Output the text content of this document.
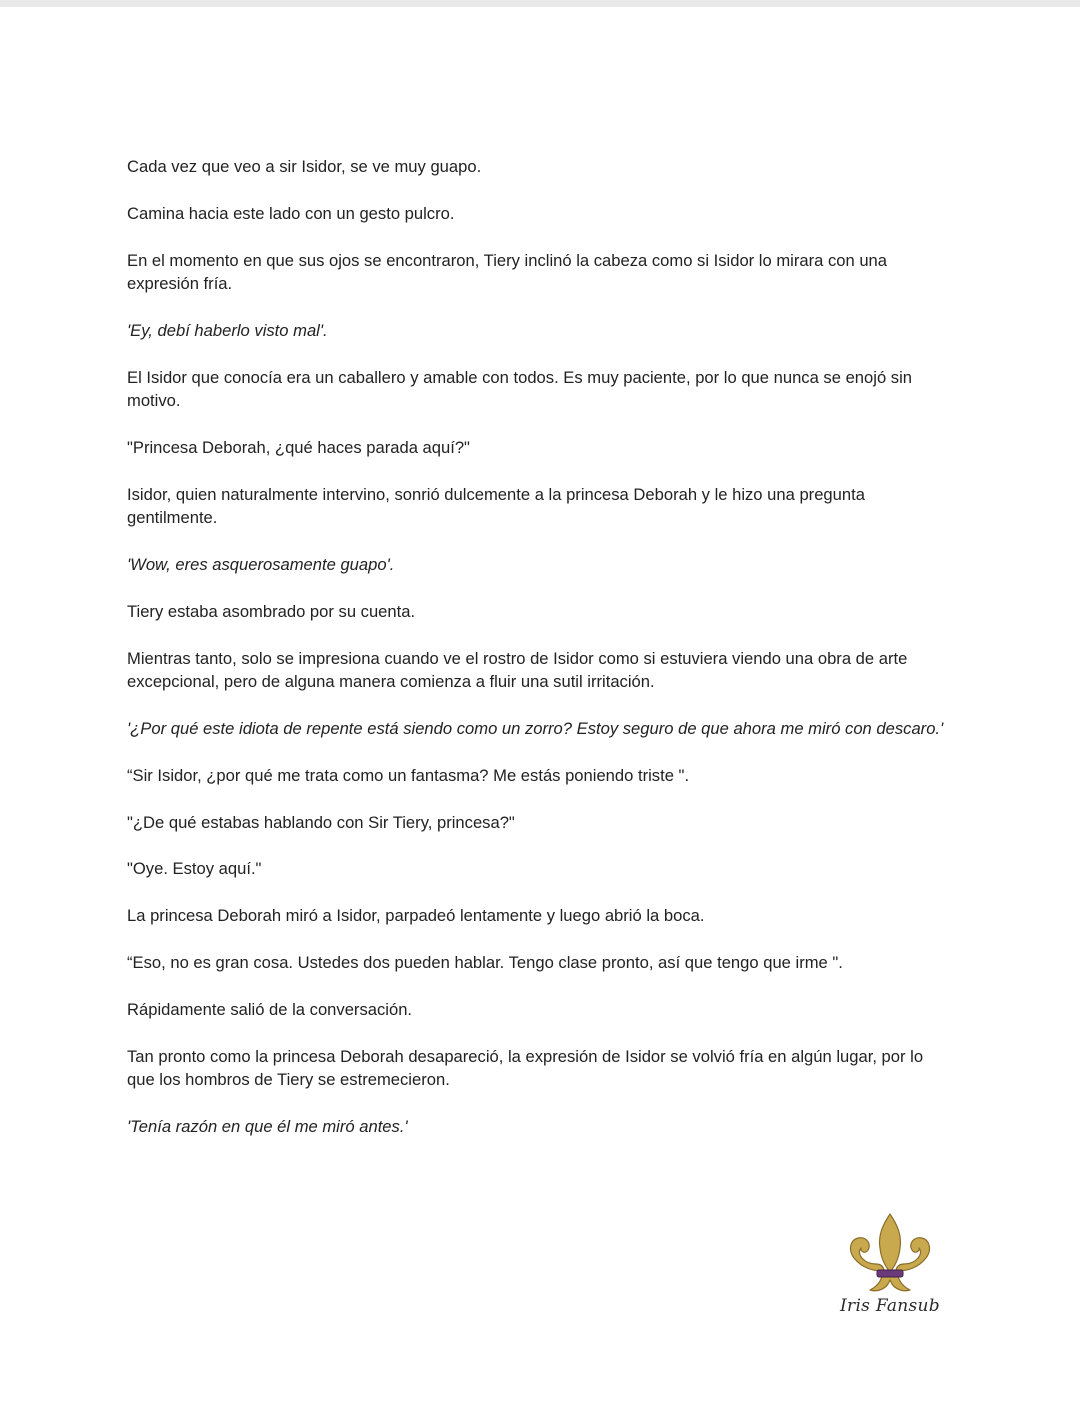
Cada vez que veo a sir Isidor, se ve muy guapo.

Camina hacia este lado con un gesto pulcro.

En el momento en que sus ojos se encontraron, Tiery inclinó la cabeza como si Isidor lo mirara con una expresión fría.

'Ey, debí haberlo visto mal'.

El Isidor que conocía era un caballero y amable con todos. Es muy paciente, por lo que nunca se enojó sin motivo.

"Princesa Deborah, ¿qué haces parada aquí?"

Isidor, quien naturalmente intervino, sonrió dulcemente a la princesa Deborah y le hizo una pregunta gentilmente.

'Wow, eres asquerosamente guapo'.

Tiery estaba asombrado por su cuenta.

Mientras tanto, solo se impresiona cuando ve el rostro de Isidor como si estuviera viendo una obra de arte excepcional, pero de alguna manera comienza a fluir una sutil irritación.

'¿Por qué este idiota de repente está siendo como un zorro? Estoy seguro de que ahora me miró con descaro.'

“Sir Isidor, ¿por qué me trata como un fantasma? Me estás poniendo triste ".

"¿De qué estabas hablando con Sir Tiery, princesa?"

"Oye. Estoy aquí."

La princesa Deborah miró a Isidor, parpadeó lentamente y luego abrió la boca.

“Eso, no es gran cosa. Ustedes dos pueden hablar. Tengo clase pronto, así que tengo que irme ".

Rápidamente salió de la conversación.

Tan pronto como la princesa Deborah desapareció, la expresión de Isidor se volvió fría en algún lugar, por lo que los hombros de Tiery se estremecieron.

'Tenía razón en que él me miró antes.'

Iris Fansub
